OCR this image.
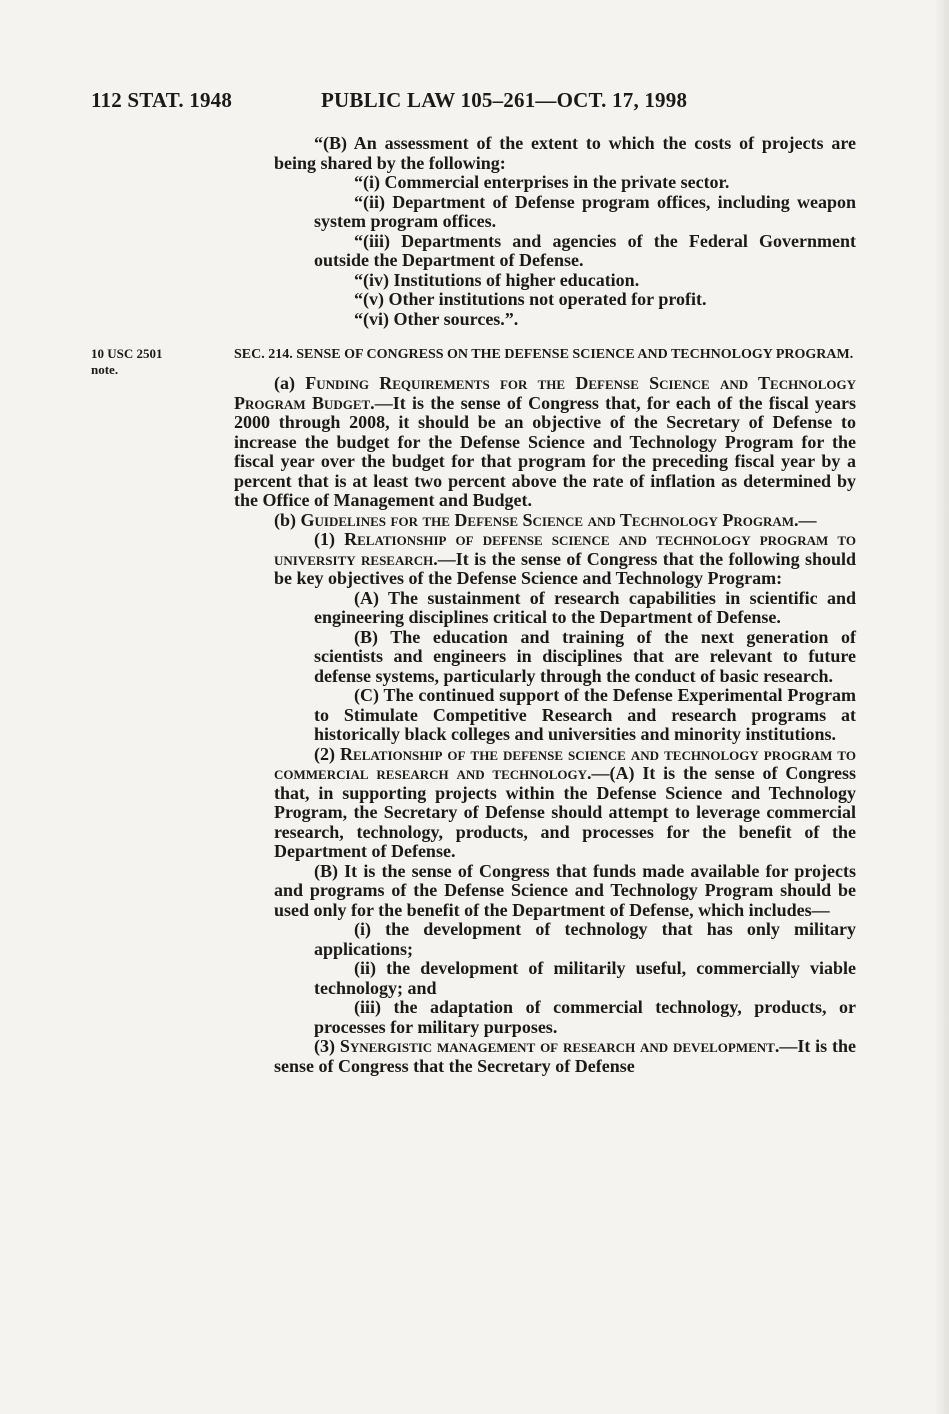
112 STAT. 1948	PUBLIC LAW 105–261—OCT. 17, 1998
10 USC 2501
note.

“(B) An assessment of the extent to which the costs of projects are being shared by the following:

“(i) Commercial enterprises in the private sector.

“(ii) Department of Defense program offices, including weapon system program offices.

“(iii) Departments and agencies of the Federal Government outside the Department of Defense.

“(iv) Institutions of higher education.

“(v) Other institutions not operated for profit.

“(vi) Other sources.”.

SEC. 214. SENSE OF CONGRESS ON THE DEFENSE SCIENCE AND TECHNOLOGY PROGRAM.

(a) Funding Requirements for the Defense Science and Technology Program Budget.—It is the sense of Congress that, for each of the fiscal years 2000 through 2008, it should be an objective of the Secretary of Defense to increase the budget for the Defense Science and Technology Program for the fiscal year over the budget for that program for the preceding fiscal year by a percent that is at least two percent above the rate of inflation as determined by the Office of Management and Budget.

(b) Guidelines for the Defense Science and Technology Program.—

(1) Relationship of defense science and technology program to university research.—It is the sense of Congress that the following should be key objectives of the Defense Science and Technology Program:

(A) The sustainment of research capabilities in scientific and engineering disciplines critical to the Department of Defense.

(B) The education and training of the next generation of scientists and engineers in disciplines that are relevant to future defense systems, particularly through the conduct of basic research.

(C) The continued support of the Defense Experimental Program to Stimulate Competitive Research and research programs at historically black colleges and universities and minority institutions.

(2) Relationship of the defense science and technology program to commercial research and technology.—(A) It is the sense of Congress that, in supporting projects within the Defense Science and Technology Program, the Secretary of Defense should attempt to leverage commercial research, technology, products, and processes for the benefit of the Department of Defense.

(B) It is the sense of Congress that funds made available for projects and programs of the Defense Science and Technology Program should be used only for the benefit of the Department of Defense, which includes—

(i) the development of technology that has only military applications;

(ii) the development of militarily useful, commercially viable technology; and

(iii) the adaptation of commercial technology, products, or processes for military purposes.

(3) Synergistic management of research and development.—It is the sense of Congress that the Secretary of Defense
